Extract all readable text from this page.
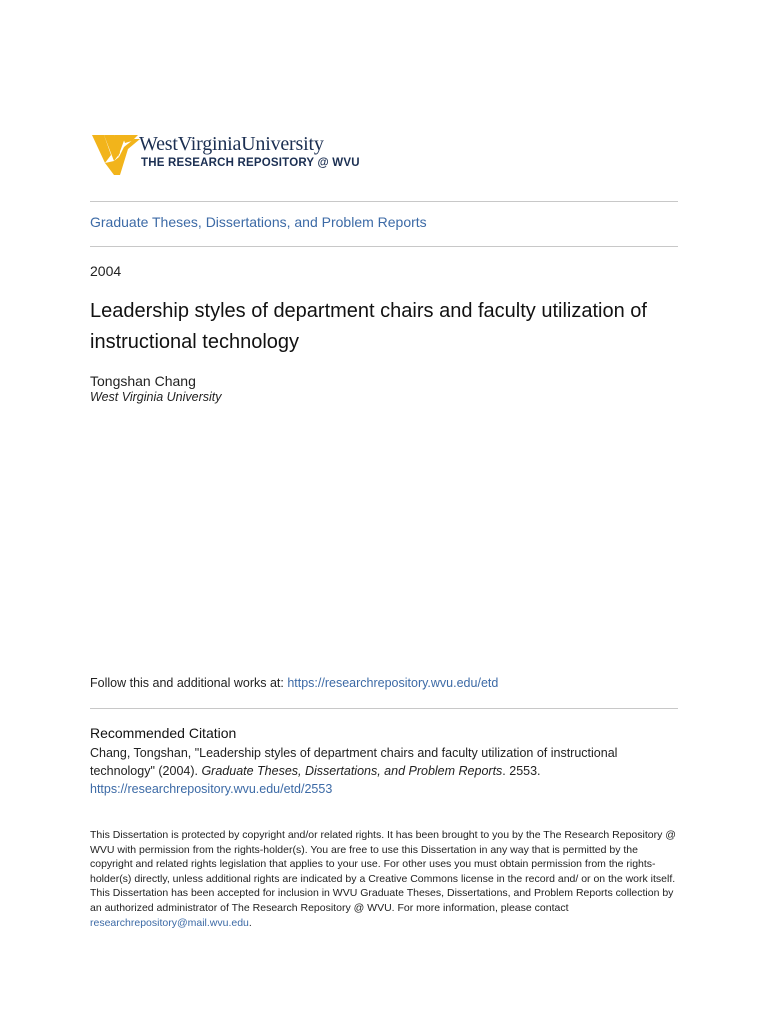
WestVirginiaUniversity
THE RESEARCH REPOSITORY @ WVU
Graduate Theses, Dissertations, and Problem Reports
2004
Leadership styles of department chairs and faculty utilization of instructional technology
Tongshan Chang
West Virginia University
Follow this and additional works at: https://researchrepository.wvu.edu/etd
Recommended Citation
Chang, Tongshan, "Leadership styles of department chairs and faculty utilization of instructional technology" (2004). Graduate Theses, Dissertations, and Problem Reports. 2553.
https://researchrepository.wvu.edu/etd/2553
This Dissertation is protected by copyright and/or related rights. It has been brought to you by the The Research Repository @ WVU with permission from the rights-holder(s). You are free to use this Dissertation in any way that is permitted by the copyright and related rights legislation that applies to your use. For other uses you must obtain permission from the rights-holder(s) directly, unless additional rights are indicated by a Creative Commons license in the record and/ or on the work itself. This Dissertation has been accepted for inclusion in WVU Graduate Theses, Dissertations, and Problem Reports collection by an authorized administrator of The Research Repository @ WVU. For more information, please contact researchrepository@mail.wvu.edu.
